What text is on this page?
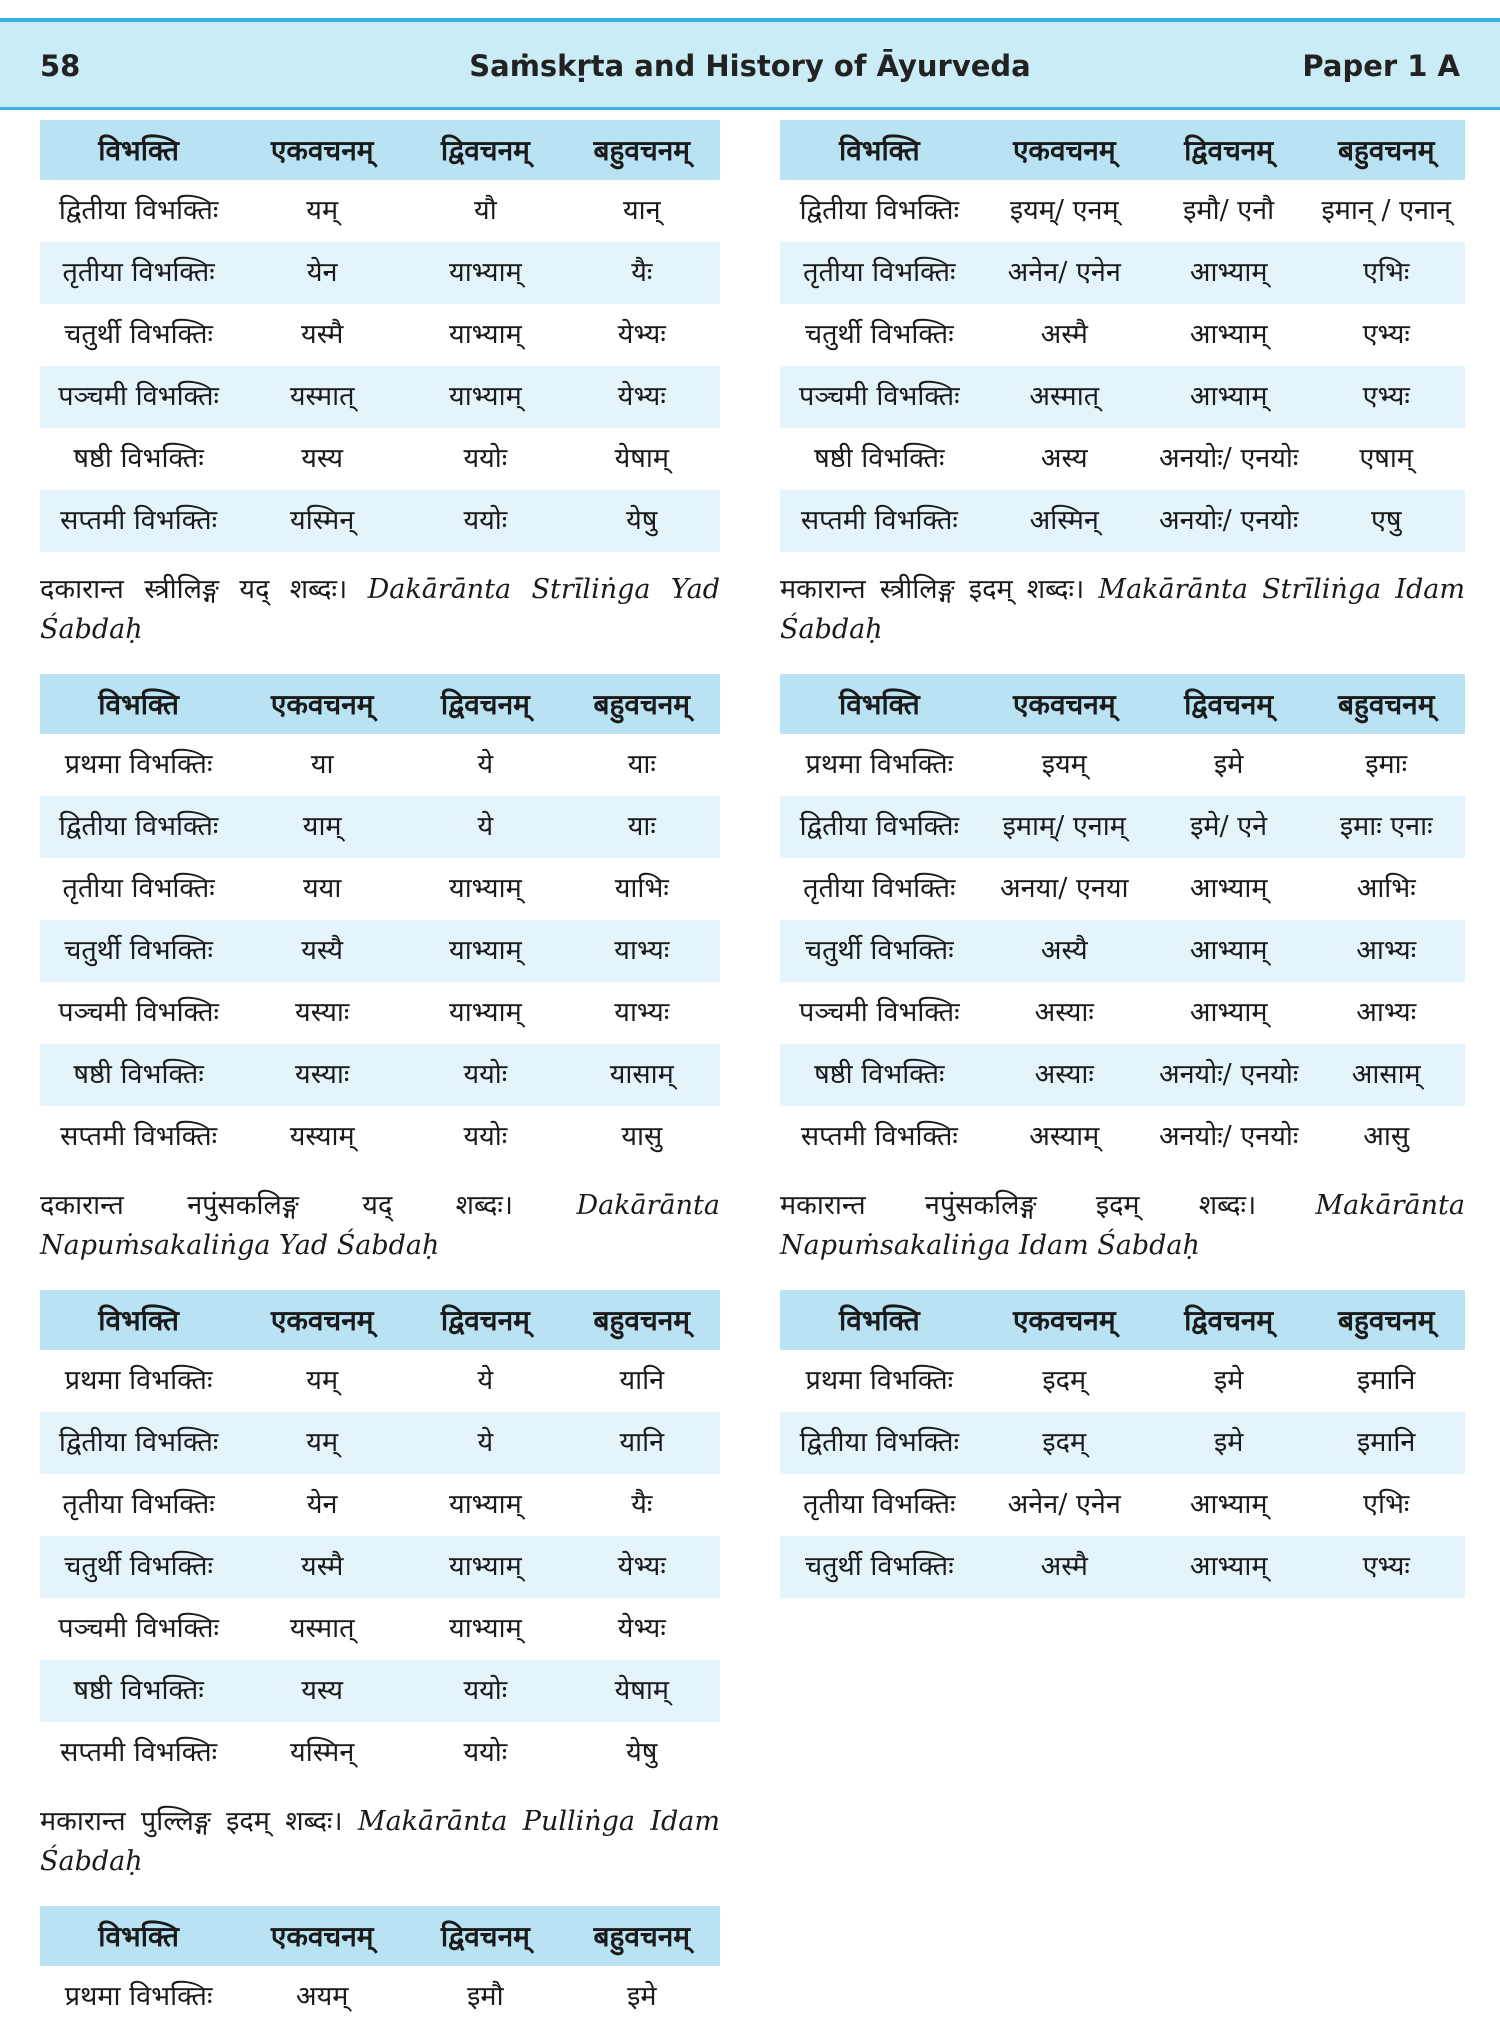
58	Saṁskṛta and History of Āyurveda	Paper 1 A
विभक्ति	एकवचनम्	द्विवचनम्	बहुवचनम्
द्वितीया विभक्तिः	यम्	यौ	यान्
तृतीया विभक्तिः	येन	याभ्याम्	यैः
चतुर्थी विभक्तिः	यस्मै	याभ्याम्	येभ्यः
पञ्चमी विभक्तिः	यस्मात्	याभ्याम्	येभ्यः
षष्ठी विभक्तिः	यस्य	ययोः	येषाम्
सप्तमी विभक्तिः	यस्मिन्	ययोः	येषु

दकारान्त स्त्रीलिङ्ग यद् शब्दः। Dakārānta Strīliṅga Yad Śabdaḥ

विभक्ति	एकवचनम्	द्विवचनम्	बहुवचनम्
प्रथमा विभक्तिः	या	ये	याः
द्वितीया विभक्तिः	याम्	ये	याः
तृतीया विभक्तिः	यया	याभ्याम्	याभिः
चतुर्थी विभक्तिः	यस्यै	याभ्याम्	याभ्यः
पञ्चमी विभक्तिः	यस्याः	याभ्याम्	याभ्यः
षष्ठी विभक्तिः	यस्याः	ययोः	यासाम्
सप्तमी विभक्तिः	यस्याम्	ययोः	यासु

दकारान्त नपुंसकलिङ्ग यद् शब्दः। Dakārānta Napuṁsakaliṅga Yad Śabdaḥ

विभक्ति	एकवचनम्	द्विवचनम्	बहुवचनम्
प्रथमा विभक्तिः	यम्	ये	यानि
द्वितीया विभक्तिः	यम्	ये	यानि
तृतीया विभक्तिः	येन	याभ्याम्	यैः
चतुर्थी विभक्तिः	यस्मै	याभ्याम्	येभ्यः
पञ्चमी विभक्तिः	यस्मात्	याभ्याम्	येभ्यः
षष्ठी विभक्तिः	यस्य	ययोः	येषाम्
सप्तमी विभक्तिः	यस्मिन्	ययोः	येषु

मकारान्त पुल्लिङ्ग इदम् शब्दः। Makārānta Pulliṅga Idam Śabdaḥ

विभक्ति	एकवचनम्	द्विवचनम्	बहुवचनम्
प्रथमा विभक्तिः	अयम्	इमौ	इमे
विभक्ति	एकवचनम्	द्विवचनम्	बहुवचनम्
द्वितीया विभक्तिः	इयम्/ एनम्	इमौ/ एनौ	इमान् / एनान्
तृतीया विभक्तिः	अनेन/ एनेन	आभ्याम्	एभिः
चतुर्थी विभक्तिः	अस्मै	आभ्याम्	एभ्यः
पञ्चमी विभक्तिः	अस्मात्	आभ्याम्	एभ्यः
षष्ठी विभक्तिः	अस्य	अनयोः/ एनयोः	एषाम्
सप्तमी विभक्तिः	अस्मिन्	अनयोः/ एनयोः	एषु

मकारान्त स्त्रीलिङ्ग इदम् शब्दः। Makārānta Strīliṅga Idam Śabdaḥ

विभक्ति	एकवचनम्	द्विवचनम्	बहुवचनम्
प्रथमा विभक्तिः	इयम्	इमे	इमाः
द्वितीया विभक्तिः	इमाम्/ एनाम्	इमे/ एने	इमाः एनाः
तृतीया विभक्तिः	अनया/ एनया	आभ्याम्	आभिः
चतुर्थी विभक्तिः	अस्यै	आभ्याम्	आभ्यः
पञ्चमी विभक्तिः	अस्याः	आभ्याम्	आभ्यः
षष्ठी विभक्तिः	अस्याः	अनयोः/ एनयोः	आसाम्
सप्तमी विभक्तिः	अस्याम्	अनयोः/ एनयोः	आसु

मकारान्त नपुंसकलिङ्ग इदम् शब्दः। Makārānta Napuṁsakaliṅga Idam Śabdaḥ

विभक्ति	एकवचनम्	द्विवचनम्	बहुवचनम्
प्रथमा विभक्तिः	इदम्	इमे	इमानि
द्वितीया विभक्तिः	इदम्	इमे	इमानि
तृतीया विभक्तिः	अनेन/ एनेन	आभ्याम्	एभिः
चतुर्थी विभक्तिः	अस्मै	आभ्याम्	एभ्यः
